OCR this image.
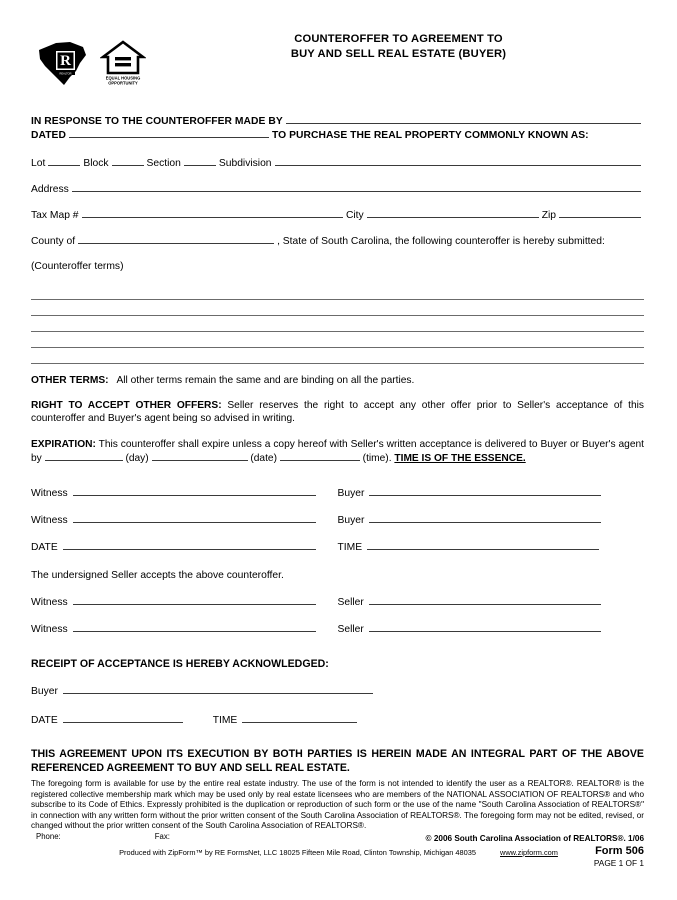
R
REALTOR
EQUAL HOUSING
OPPORTUNITY
COUNTEROFFER TO AGREEMENT TO
BUY AND SELL REAL ESTATE (BUYER)
IN RESPONSE TO THE COUNTEROFFER MADE BY
DATED	TO PURCHASE THE REAL PROPERTY COMMONLY KNOWN AS:
Lot	Block	Section	Subdivision
Address
Tax Map #	City	Zip
County of	, State of South Carolina, the following counteroffer is hereby submitted:
(Counteroffer terms)
OTHER TERMS: All other terms remain the same and are binding on all the parties.
RIGHT TO ACCEPT OTHER OFFERS: Seller reserves the right to accept any other offer prior to Seller's acceptance of this counteroffer and Buyer's agent being so advised in writing.
EXPIRATION: This counteroffer shall expire unless a copy hereof with Seller's written acceptance is delivered to Buyer or Buyer's agent by	(day)	(date)	(time). TIME IS OF THE ESSENCE.
Witness	Buyer
Witness	Buyer
DATE	TIME
The undersigned Seller accepts the above counteroffer.
Witness	Seller
Witness	Seller
RECEIPT OF ACCEPTANCE IS HEREBY ACKNOWLEDGED:
Buyer
DATE	TIME
THIS AGREEMENT UPON ITS EXECUTION BY BOTH PARTIES IS HEREIN MADE AN INTEGRAL PART OF THE ABOVE REFERENCED AGREEMENT TO BUY AND SELL REAL ESTATE.
The foregoing form is available for use by the entire real estate industry. The use of the form is not intended to identify the user as a REALTOR®. REALTOR® is the registered collective membership mark which may be used only by real estate licensees who are members of the NATIONAL ASSOCIATION OF REALTORS® and who subscribe to its Code of Ethics. Expressly prohibited is the duplication or reproduction of such form or the use of the name "South Carolina Association of REALTORS®" in connection with any written form without the prior written consent of the South Carolina Association of REALTORS®. The foregoing form may not be edited, revised, or changed without the prior written consent of the South Carolina Association of REALTORS®.
© 2006 South Carolina Association of REALTORS®. 1/06
Form 506
PAGE 1 OF 1
Phone:	Fax:
Produced with ZipForm™ by RE FormsNet, LLC 18025 Fifteen Mile Road, Clinton Township, Michigan 48035	www.zipform.com
